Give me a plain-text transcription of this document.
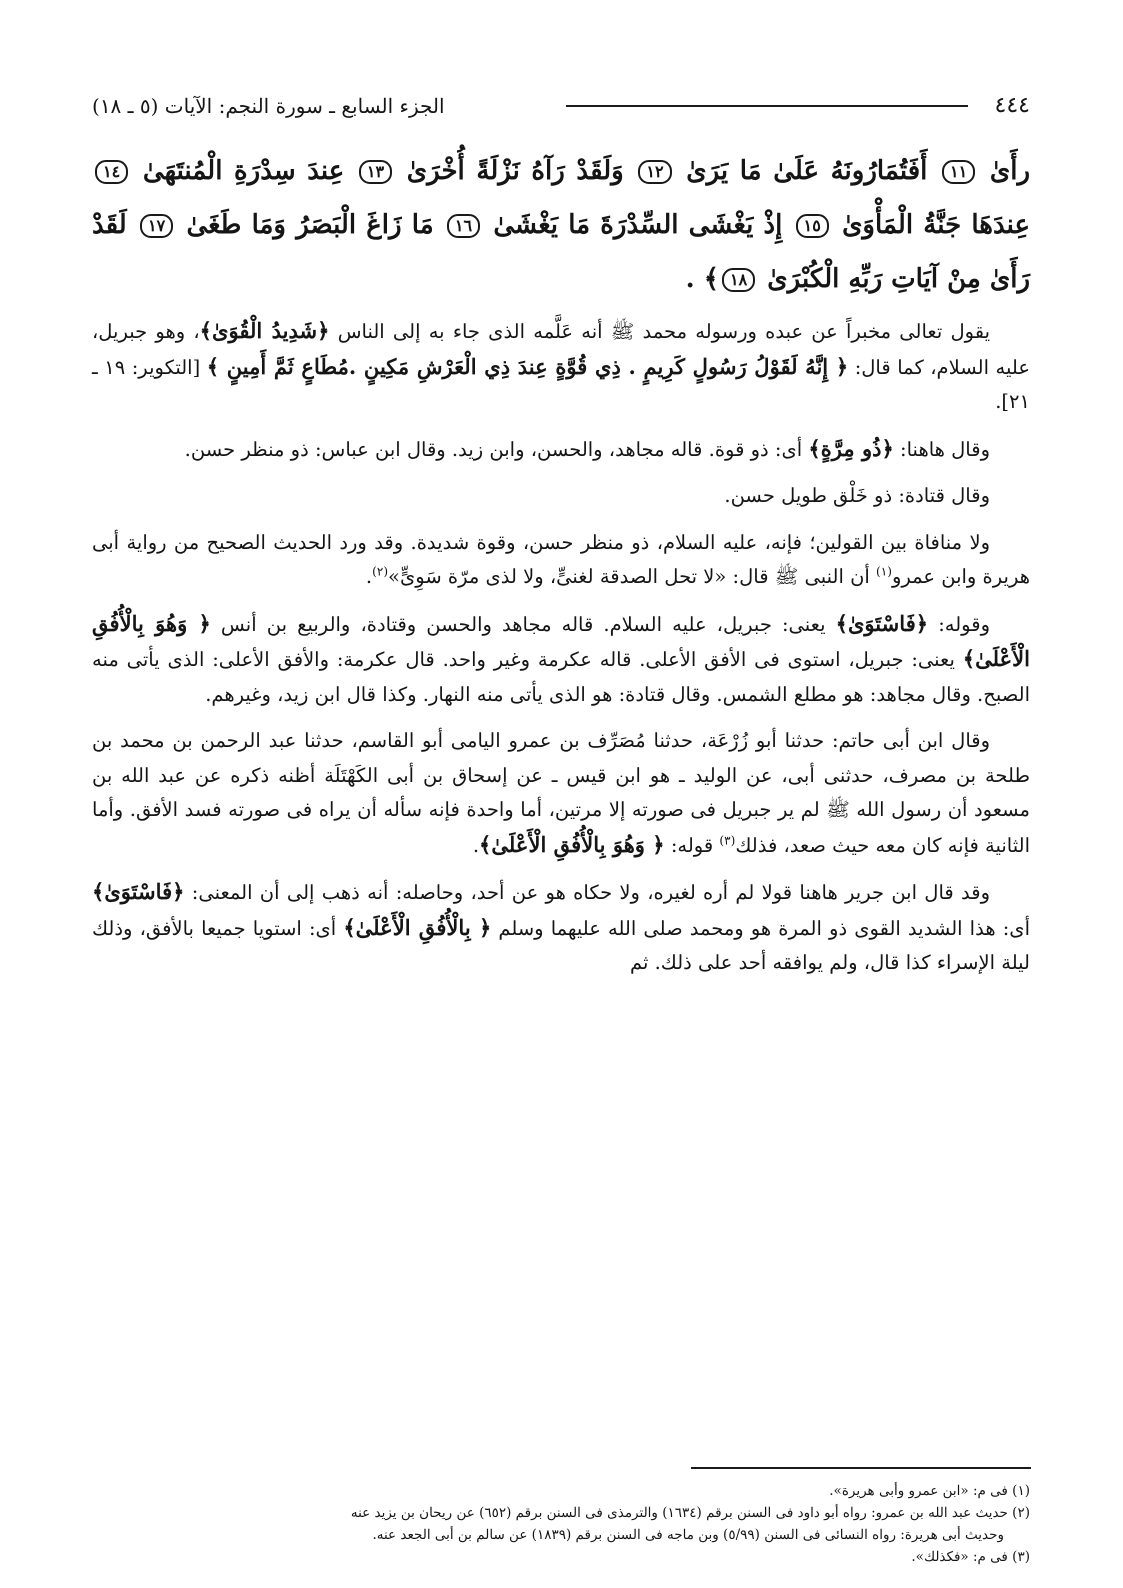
٤٤٤
الجزء السابع ـ سورة النجم: الآيات (٥ ـ ١٨)

رأَىٰ ١١ أَفَتُمَارُونَهُ عَلَىٰ مَا يَرَىٰ ١٢ وَلَقَدْ رَآهُ نَزْلَةً أُخْرَىٰ ١٣ عِندَ سِدْرَةِ الْمُنتَهَىٰ ١٤ عِندَهَا جَنَّةُ الْمَأْوَىٰ ١٥ إِذْ يَغْشَى السِّدْرَةَ مَا يَغْشَىٰ ١٦ مَا زَاغَ الْبَصَرُ وَمَا طَغَىٰ ١٧ لَقَدْ رَأَىٰ مِنْ آيَاتِ رَبِّهِ الْكُبْرَىٰ ١٨﴾ .

يقول تعالى مخبراً عن عبده ورسوله محمد ﷺ أنه عَلَّمه الذى جاء به إلى الناس ﴿شَدِيدُ الْقُوَىٰ﴾، وهو جبريل، عليه السلام، كما قال: ﴿ إِنَّهُ لَقَوْلُ رَسُولٍ كَرِيمٍ . ذِي قُوَّةٍ عِندَ ذِي الْعَرْشِ مَكِينٍ .مُطَاعٍ ثَمَّ أَمِينٍ ﴾ [التكوير: ١٩ ـ ٢١].

وقال هاهنا: ﴿ذُو مِرَّةٍ﴾ أى: ذو قوة. قاله مجاهد، والحسن، وابن زيد. وقال ابن عباس: ذو منظر حسن.

وقال قتادة: ذو خَلْق طويل حسن.

ولا منافاة بين القولين؛ فإنه، عليه السلام، ذو منظر حسن، وقوة شديدة. وقد ورد الحديث الصحيح من رواية أبى هريرة وابن عمرو$^{(١)}$ أن النبى ﷺ قال: «لا تحل الصدقة لغنىٍّ، ولا لذى مرّة سَوِىٍّ»$^{(٢)}$.

وقوله: ﴿فَاسْتَوَىٰ﴾ يعنى: جبريل، عليه السلام. قاله مجاهد والحسن وقتادة، والربيع بن أنس ﴿ وَهُوَ بِالْأُفُقِ الْأَعْلَىٰ﴾ يعنى: جبريل، استوى فى الأفق الأعلى. قاله عكرمة وغير واحد. قال عكرمة: والأفق الأعلى: الذى يأتى منه الصبح. وقال مجاهد: هو مطلع الشمس. وقال قتادة: هو الذى يأتى منه النهار. وكذا قال ابن زيد، وغيرهم.

وقال ابن أبى حاتم: حدثنا أبو زُرْعَة، حدثنا مُصَرِّف بن عمرو اليامى أبو القاسم، حدثنا عبد الرحمن بن محمد بن طلحة بن مصرف، حدثنى أبى، عن الوليد ـ هو ابن قيس ـ عن إسحاق بن أبى الكَهْتَلَة أظنه ذكره عن عبد الله بن مسعود أن رسول الله ﷺ لم ير جبريل فى صورته إلا مرتين، أما واحدة فإنه سأله أن يراه فى صورته فسد الأفق. وأما الثانية فإنه كان معه حيث صعد، فذلك$^{(٣)}$ قوله: ﴿ وَهُوَ بِالْأُفُقِ الْأَعْلَىٰ﴾.

وقد قال ابن جرير هاهنا قولا لم أره لغيره، ولا حكاه هو عن أحد، وحاصله: أنه ذهب إلى أن المعنى: ﴿فَاسْتَوَىٰ﴾ أى: هذا الشديد القوى ذو المرة هو ومحمد صلى الله عليهما وسلم ﴿ بِالْأُفُقِ الْأَعْلَىٰ﴾ أى: استويا جميعا بالأفق، وذلك ليلة الإسراء كذا قال، ولم يوافقه أحد على ذلك. ثم

(١) فى م: «ابن عمرو وأبى هريرة».

(٢) حديث عبد الله بن عمرو: رواه أبو داود فى السنن برقم (١٦٣٤) والترمذى فى السنن برقم (٦٥٢) عن ريحان بن يزيد عنه

وحديث أبى هريرة: رواه النسائى فى السنن (٥/٩٩) وبن ماجه فى السنن برقم (١٨٣٩) عن سالم بن أبى الجعد عنه.

(٣) فى م: «فكذلك».
